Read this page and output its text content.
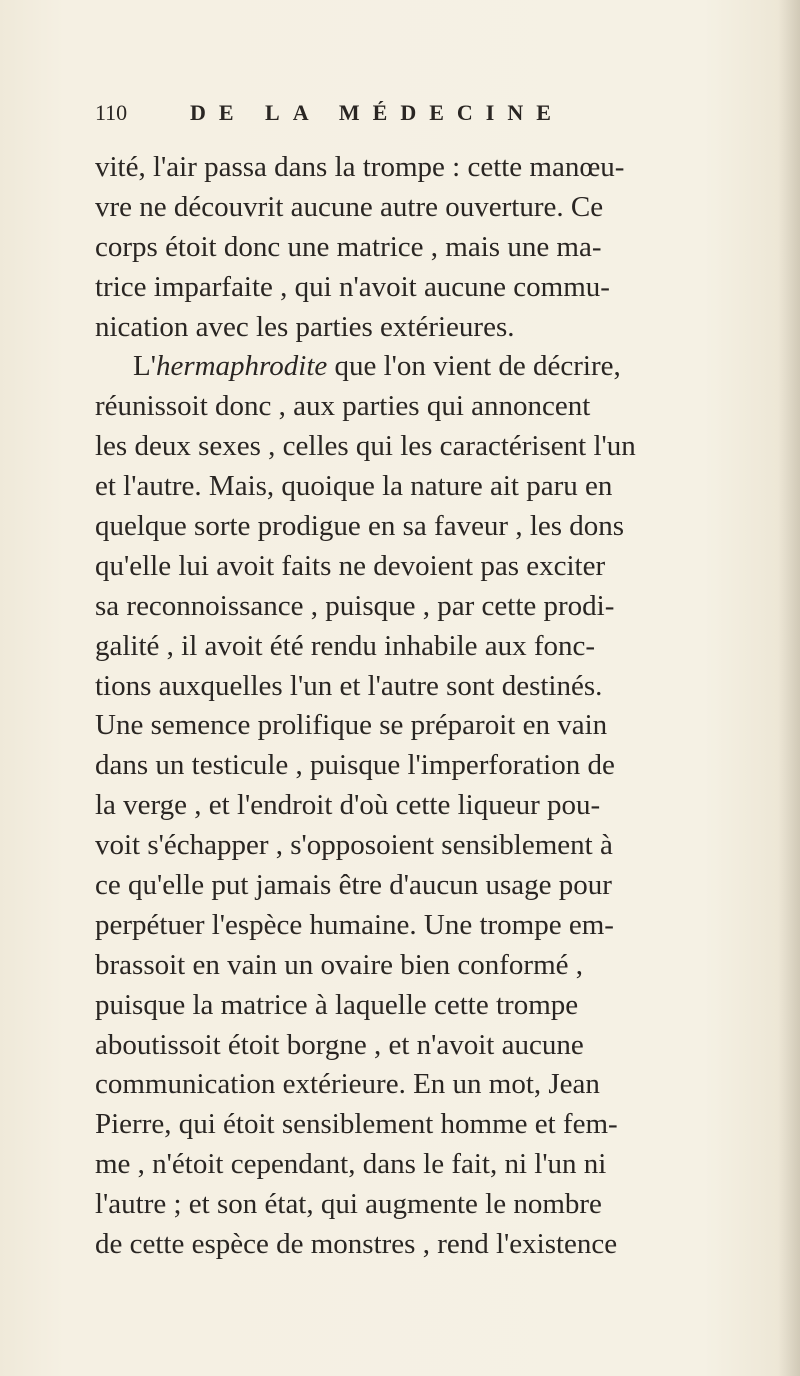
110	DE LA MÉDECINE
vité, l'air passa dans la trompe : cette manœu-
vre ne découvrit aucune autre ouverture. Ce
corps étoit donc une matrice , mais une ma-
trice imparfaite , qui n'avoit aucune commu-
nication avec les parties extérieures.
L'hermaphrodite que l'on vient de décrire,
réunissoit donc , aux parties qui annoncent
les deux sexes , celles qui les caractérisent l'un
et l'autre. Mais, quoique la nature ait paru en
quelque sorte prodigue en sa faveur , les dons
qu'elle lui avoit faits ne devoient pas exciter
sa reconnoissance , puisque , par cette prodi-
galité , il avoit été rendu inhabile aux fonc-
tions auxquelles l'un et l'autre sont destinés.
Une semence prolifique se préparoit en vain
dans un testicule , puisque l'imperforation de
la verge , et l'endroit d'où cette liqueur pou-
voit s'échapper , s'opposoient sensiblement à
ce qu'elle put jamais être d'aucun usage pour
perpétuer l'espèce humaine. Une trompe em-
brassoit en vain un ovaire bien conformé ,
puisque la matrice à laquelle cette trompe
aboutissoit étoit borgne , et n'avoit aucune
communication extérieure. En un mot, Jean
Pierre, qui étoit sensiblement homme et fem-
me , n'étoit cependant, dans le fait, ni l'un ni
l'autre ; et son état, qui augmente le nombre
de cette espèce de monstres , rend l'existence
